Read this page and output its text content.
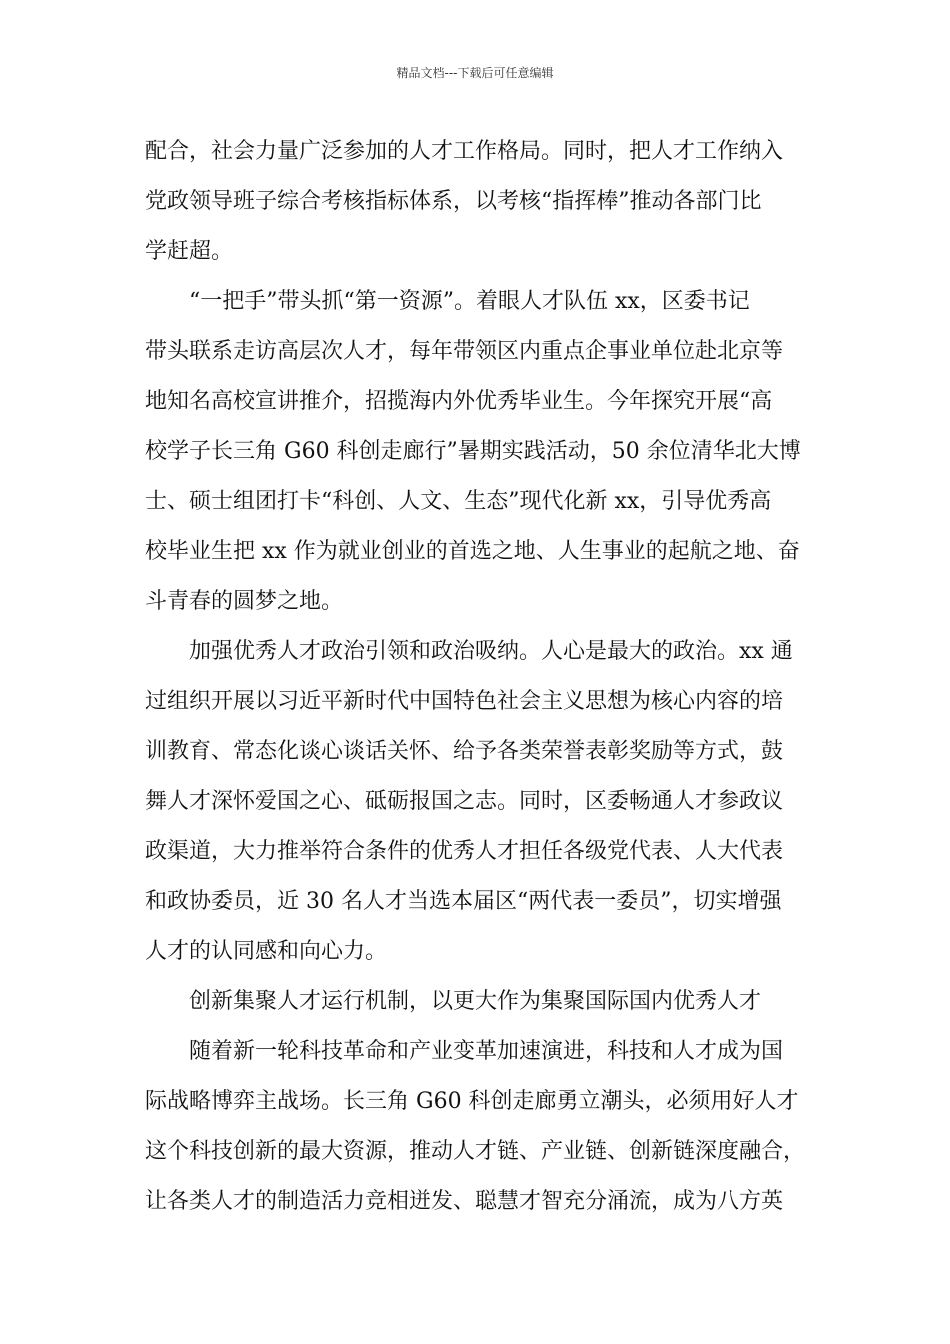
精品文档---下载后可任意编辑
配合，社会力量广泛参加的人才工作格局。同时，把人才工作纳入
党政领导班子综合考核指标体系，以考核“指挥棒”推动各部门比
学赶超。
“一把手”带头抓“第一资源”。着眼人才队伍 xx，区委书记
带头联系走访高层次人才，每年带领区内重点企事业单位赴北京等
地知名高校宣讲推介，招揽海内外优秀毕业生。今年探究开展“高
校学子长三角 G60 科创走廊行”暑期实践活动，50 余位清华北大博
士、硕士组团打卡“科创、人文、生态”现代化新 xx，引导优秀高
校毕业生把 xx 作为就业创业的首选之地、人生事业的起航之地、奋
斗青春的圆梦之地。
加强优秀人才政治引领和政治吸纳。人心是最大的政治。xx 通
过组织开展以习近平新时代中国特色社会主义思想为核心内容的培
训教育、常态化谈心谈话关怀、给予各类荣誉表彰奖励等方式，鼓
舞人才深怀爱国之心、砥砺报国之志。同时，区委畅通人才参政议
政渠道，大力推举符合条件的优秀人才担任各级党代表、人大代表
和政协委员，近 30 名人才当选本届区“两代表一委员”，切实增强
人才的认同感和向心力。
创新集聚人才运行机制，以更大作为集聚国际国内优秀人才
随着新一轮科技革命和产业变革加速演进，科技和人才成为国
际战略博弈主战场。长三角 G60 科创走廊勇立潮头，必须用好人才
这个科技创新的最大资源，推动人才链、产业链、创新链深度融合，
让各类人才的制造活力竞相迸发、聪慧才智充分涌流，成为八方英
